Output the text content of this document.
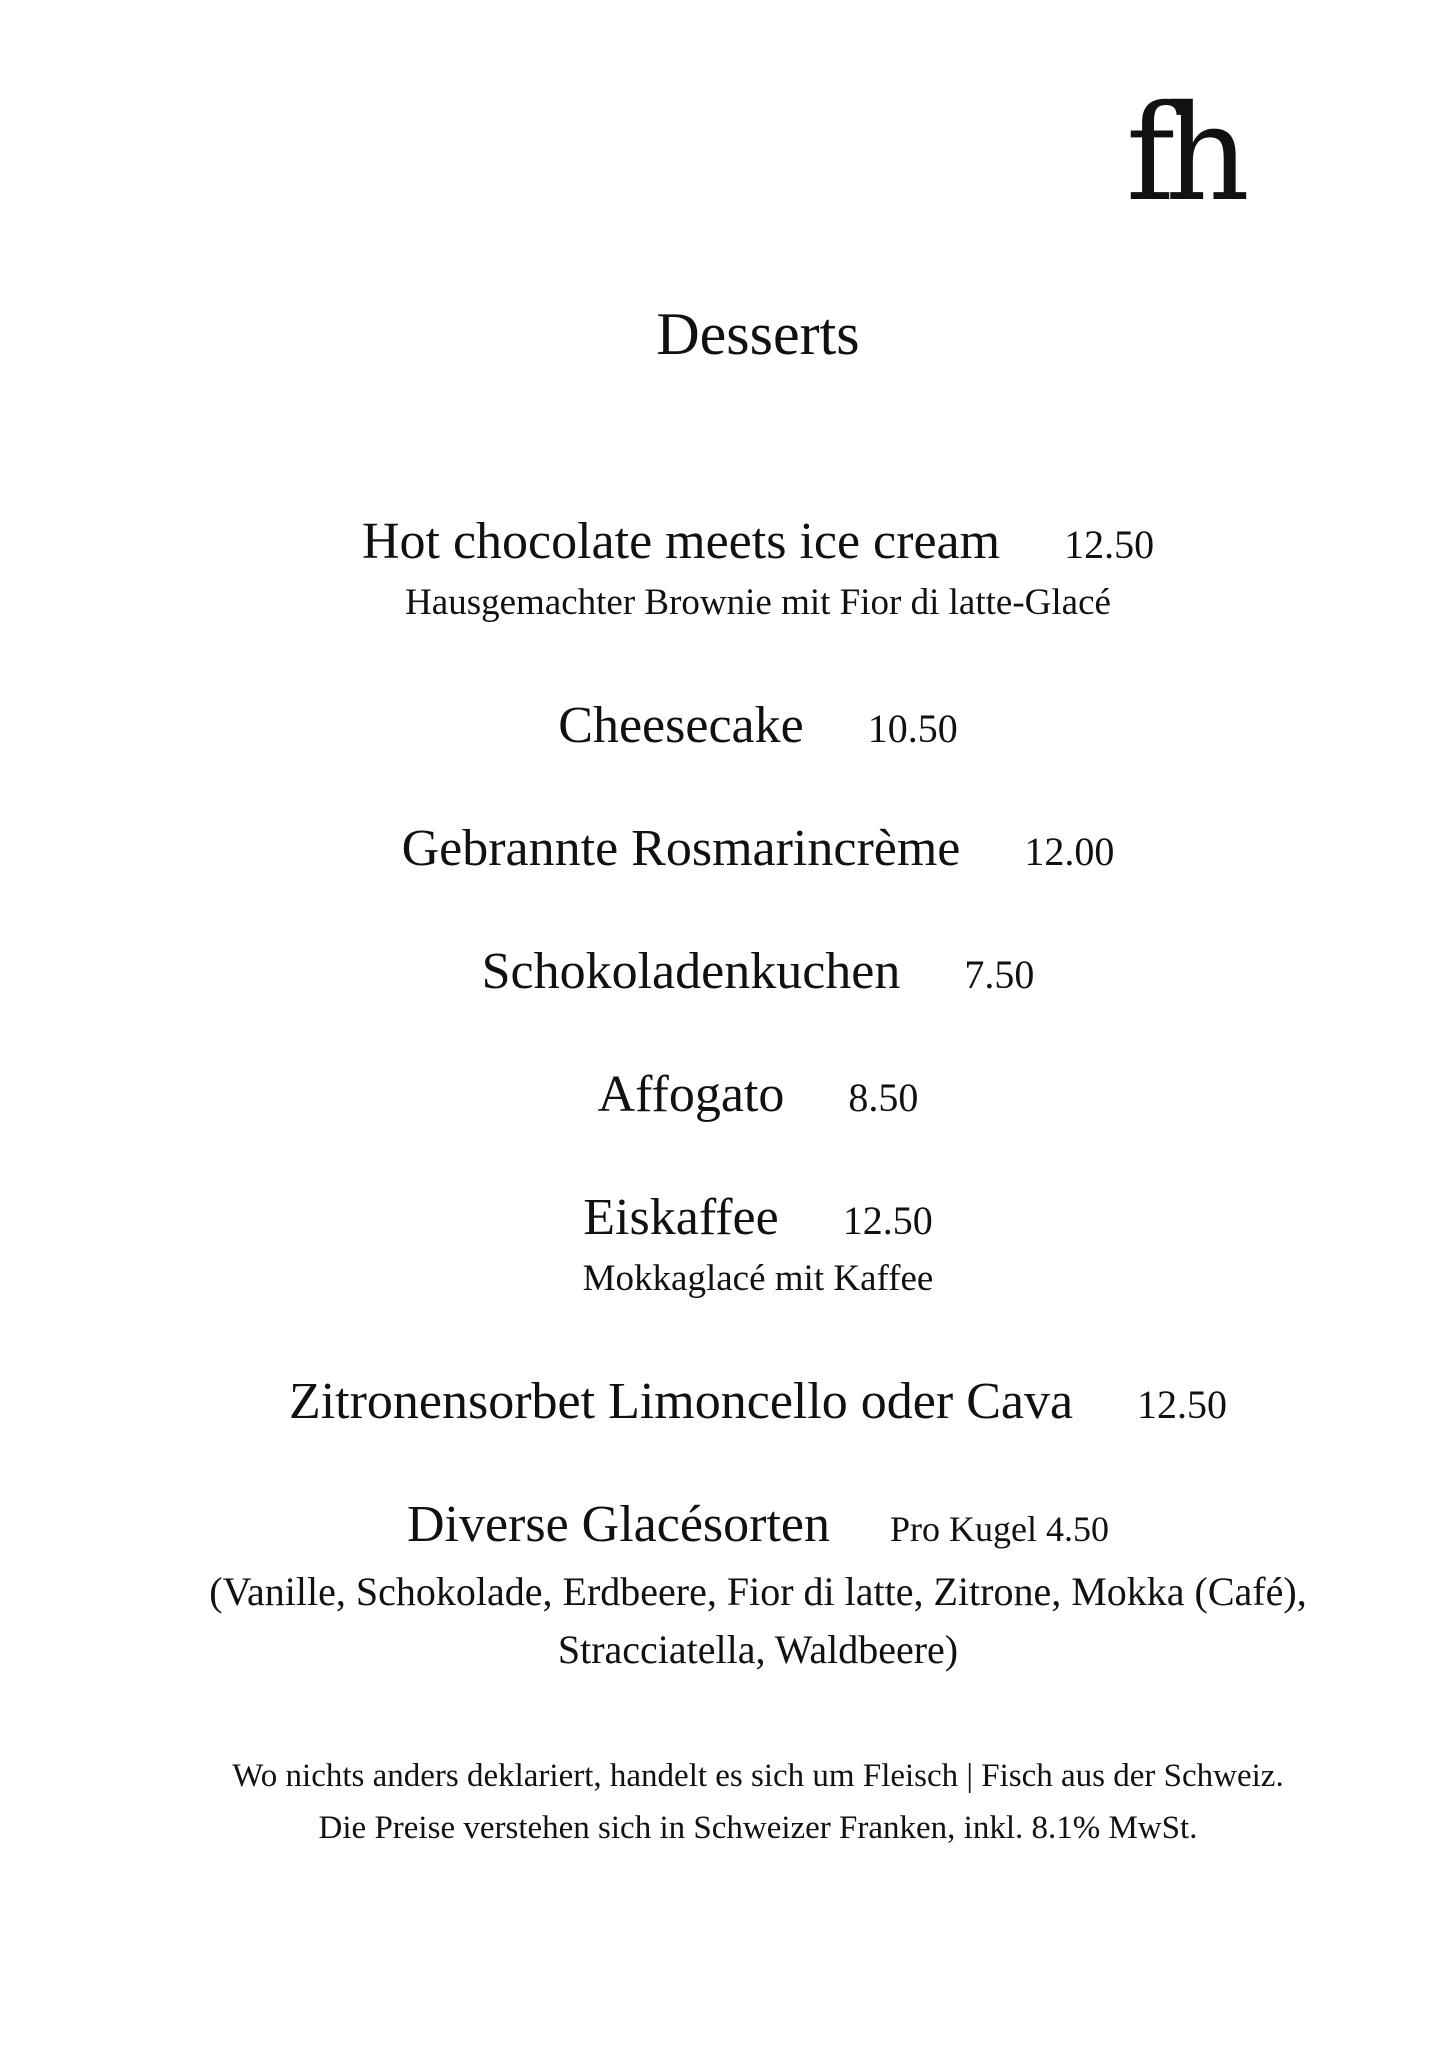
fh
Desserts
Hot chocolate meets ice cream 12.50
Hausgemachter Brownie mit Fior di latte-Glacé
Cheesecake 10.50
Gebrannte Rosmarincrème 12.00
Schokoladenkuchen 7.50
Affogato 8.50
Eiskaffee 12.50
Mokkaglacé mit Kaffee
Zitronensorbet Limoncello oder Cava 12.50
Diverse Glacésorten Pro Kugel 4.50
(Vanille, Schokolade, Erdbeere, Fior di latte, Zitrone, Mokka (Café), Stracciatella, Waldbeere)
Wo nichts anders deklariert, handelt es sich um Fleisch | Fisch aus der Schweiz.
Die Preise verstehen sich in Schweizer Franken, inkl. 8.1% MwSt.
